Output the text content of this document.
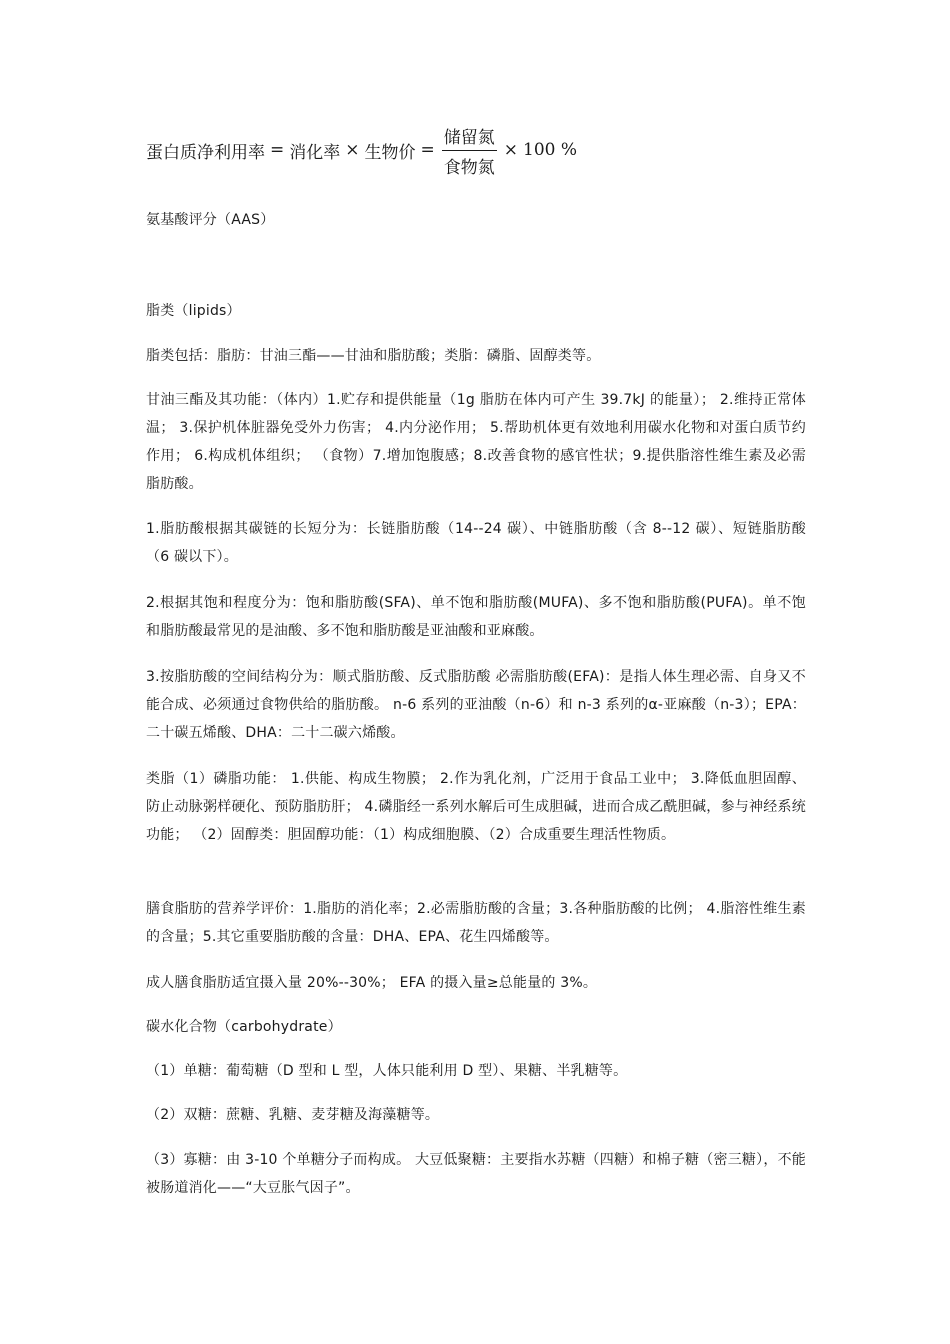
蛋白质净利用率 = 消化率 × 生物价 = $\frac{\text{储留氮}}{\text{食物氮}} \times 100$ %

氨基酸评分（AAS）

脂类（lipids）

脂类包括：脂肪：甘油三酯——甘油和脂肪酸；类脂：磷脂、固醇类等。

甘油三酯及其功能：（体内）1.贮存和提供能量（1g 脂肪在体内可产生 39.7kJ 的能量）； 2.维持正常体温； 3.保护机体脏器免受外力伤害； 4.内分泌作用； 5.帮助机体更有效地利用碳水化物和对蛋白质节约作用； 6.构成机体组织； （食物）7.增加饱腹感；8.改善食物的感官性状；9.提供脂溶性维生素及必需脂肪酸。

1.脂肪酸根据其碳链的长短分为：长链脂肪酸（14--24 碳）、中链脂肪酸（含 8--12 碳）、短链脂肪酸（6 碳以下）。

2.根据其饱和程度分为：饱和脂肪酸(SFA)、单不饱和脂肪酸(MUFA)、多不饱和脂肪酸(PUFA)。单不饱和脂肪酸最常见的是油酸、多不饱和脂肪酸是亚油酸和亚麻酸。

3.按脂肪酸的空间结构分为：顺式脂肪酸、反式脂肪酸 必需脂肪酸(EFA)：是指人体生理必需、自身又不能合成、必须通过食物供给的脂肪酸。 n-6 系列的亚油酸（n-6）和 n-3 系列的α-亚麻酸（n-3）；EPA：二十碳五烯酸、DHA：二十二碳六烯酸。

类脂（1）磷脂功能： 1.供能、构成生物膜； 2.作为乳化剂，广泛用于食品工业中； 3.降低血胆固醇、防止动脉粥样硬化、预防脂肪肝； 4.磷脂经一系列水解后可生成胆碱，进而合成乙酰胆碱，参与神经系统功能； （2）固醇类：胆固醇功能：（1）构成细胞膜、（2）合成重要生理活性物质。

膳食脂肪的营养学评价：1.脂肪的消化率；2.必需脂肪酸的含量；3.各种脂肪酸的比例； 4.脂溶性维生素的含量；5.其它重要脂肪酸的含量：DHA、EPA、花生四烯酸等。

成人膳食脂肪适宜摄入量 20%--30%； EFA 的摄入量≥总能量的 3%。

碳水化合物（carbohydrate）

（1）单糖：葡萄糖（D 型和 L 型，人体只能利用 D 型）、果糖、半乳糖等。

（2）双糖：蔗糖、乳糖、麦芽糖及海藻糖等。

（3）寡糖：由 3-10 个单糖分子而构成。 大豆低聚糖：主要指水苏糖（四糖）和棉子糖（密三糖），不能被肠道消化——“大豆胀气因子”。
